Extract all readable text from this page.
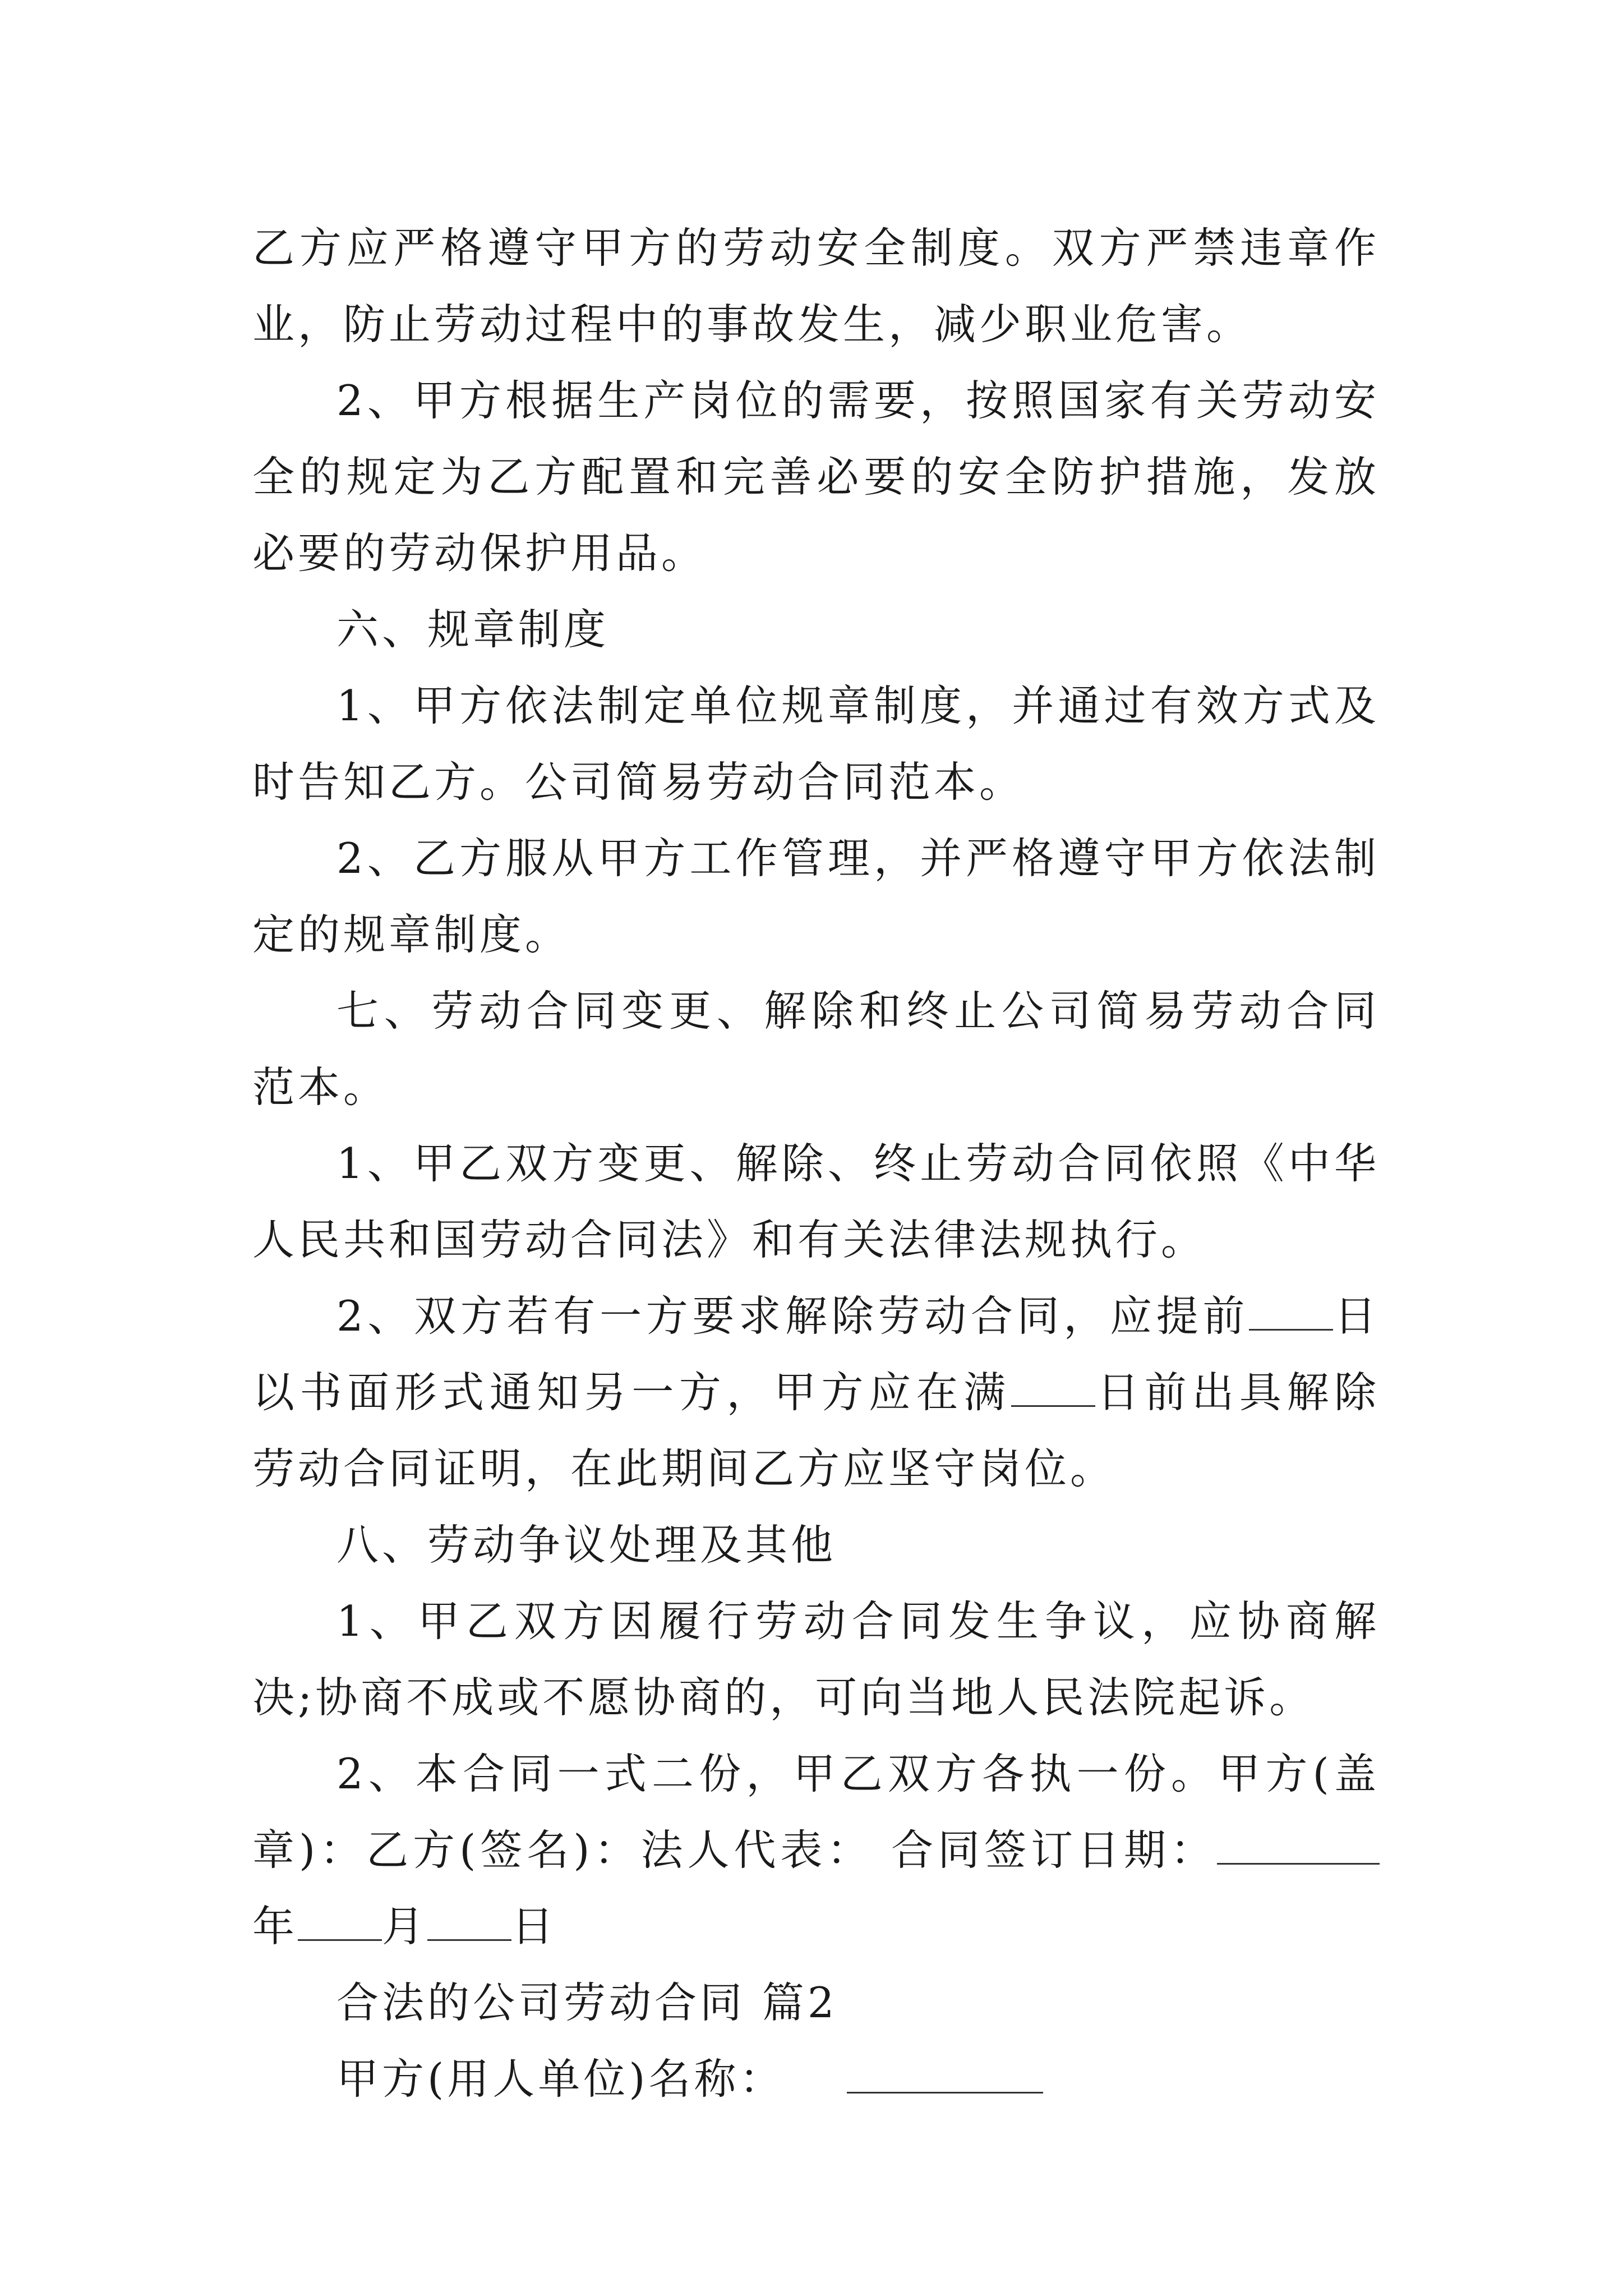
乙方应严格遵守甲方的劳动安全制度。双方严禁违章作业，防止劳动过程中的事故发生，减少职业危害。

2、甲方根据生产岗位的需要，按照国家有关劳动安全的规定为乙方配置和完善必要的安全防护措施，发放必要的劳动保护用品。

六、规章制度

1、甲方依法制定单位规章制度，并通过有效方式及时告知乙方。公司简易劳动合同范本。

2、乙方服从甲方工作管理，并严格遵守甲方依法制定的规章制度。

七、劳动合同变更、解除和终止公司简易劳动合同范本。

1、甲乙双方变更、解除、终止劳动合同依照《中华人民共和国劳动合同法》和有关法律法规执行。

2、双方若有一方要求解除劳动合同，应提前 日以书面形式通知另一方，甲方应在满 日前出具解除劳动合同证明，在此期间乙方应坚守岗位。

八、劳动争议处理及其他

1、甲乙双方因履行劳动合同发生争议，应协商解决;协商不成或不愿协商的，可向当地人民法院起诉。

2、本合同一式二份，甲乙双方各执一份。甲方(盖章)：乙方(签名)：法人代表： 合同签订日期：年 月 日

合法的公司劳动合同 篇2

甲方(用人单位)名称：
